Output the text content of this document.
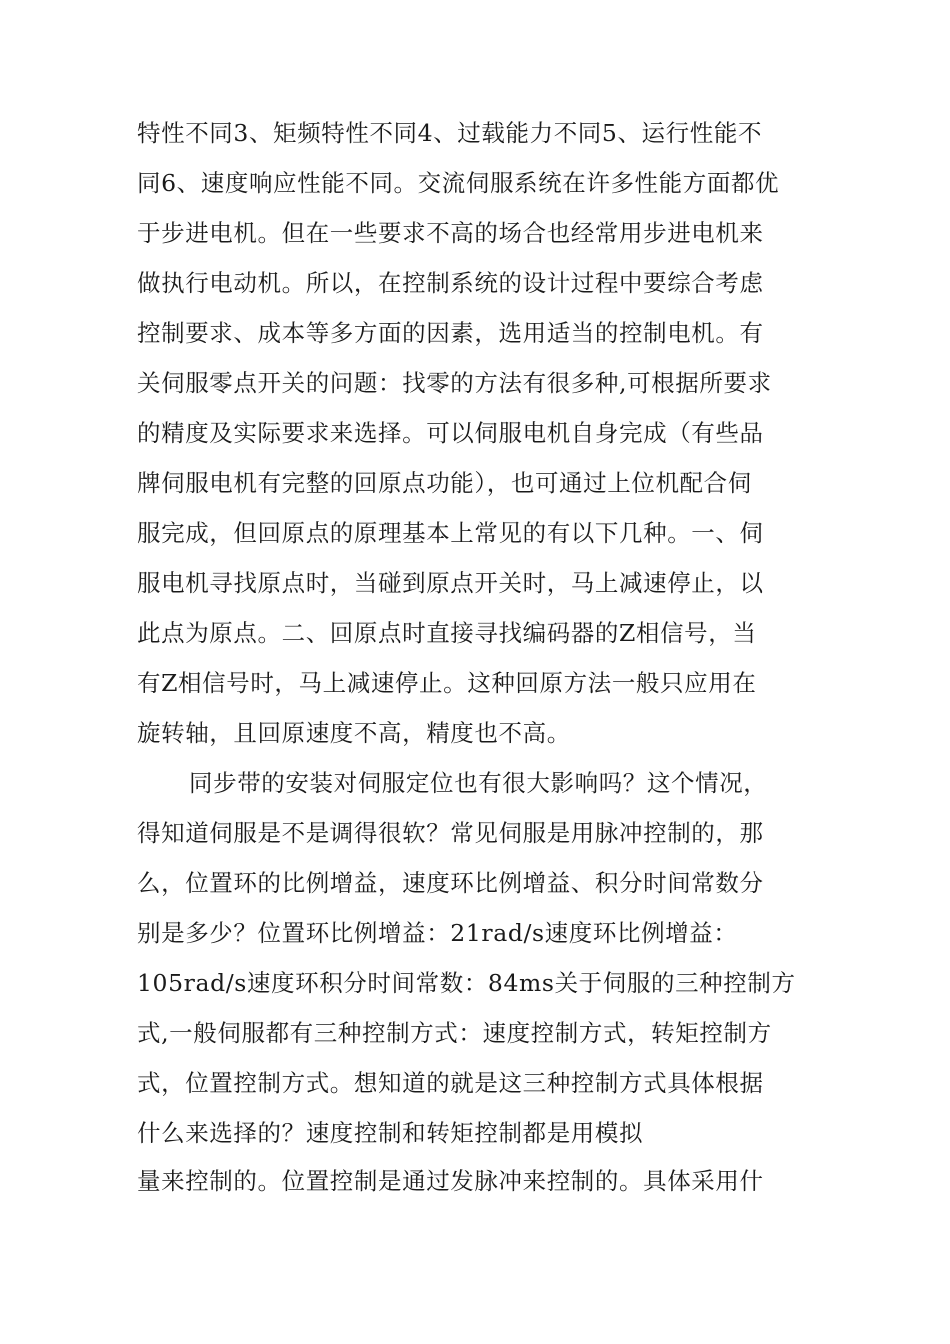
特性不同3、矩频特性不同4、过载能力不同5、运行性能不
同6、速度响应性能不同。交流伺服系统在许多性能方面都优
于步进电机。但在一些要求不高的场合也经常用步进电机来
做执行电动机。所以，在控制系统的设计过程中要综合考虑
控制要求、成本等多方面的因素，选用适当的控制电机。有
关伺服零点开关的问题：找零的方法有很多种,可根据所要求
的精度及实际要求来选择。可以伺服电机自身完成（有些品
牌伺服电机有完整的回原点功能），也可通过上位机配合伺
服完成，但回原点的原理基本上常见的有以下几种。一、伺
服电机寻找原点时，当碰到原点开关时，马上减速停止，以
此点为原点。二、回原点时直接寻找编码器的Z相信号，当
有Z相信号时，马上减速停止。这种回原方法一般只应用在
旋转轴，且回原速度不高，精度也不高。
同步带的安装对伺服定位也有很大影响吗？这个情况，
得知道伺服是不是调得很软？常见伺服是用脉冲控制的，那
么，位置环的比例增益，速度环比例增益、积分时间常数分
别是多少？位置环比例增益：21rad/s速度环比例增益：
105rad/s速度环积分时间常数：84ms关于伺服的三种控制方
式,一般伺服都有三种控制方式：速度控制方式，转矩控制方
式，位置控制方式。想知道的就是这三种控制方式具体根据
什么来选择的？速度控制和转矩控制都是用模拟
量来控制的。位置控制是通过发脉冲来控制的。具体采用什
